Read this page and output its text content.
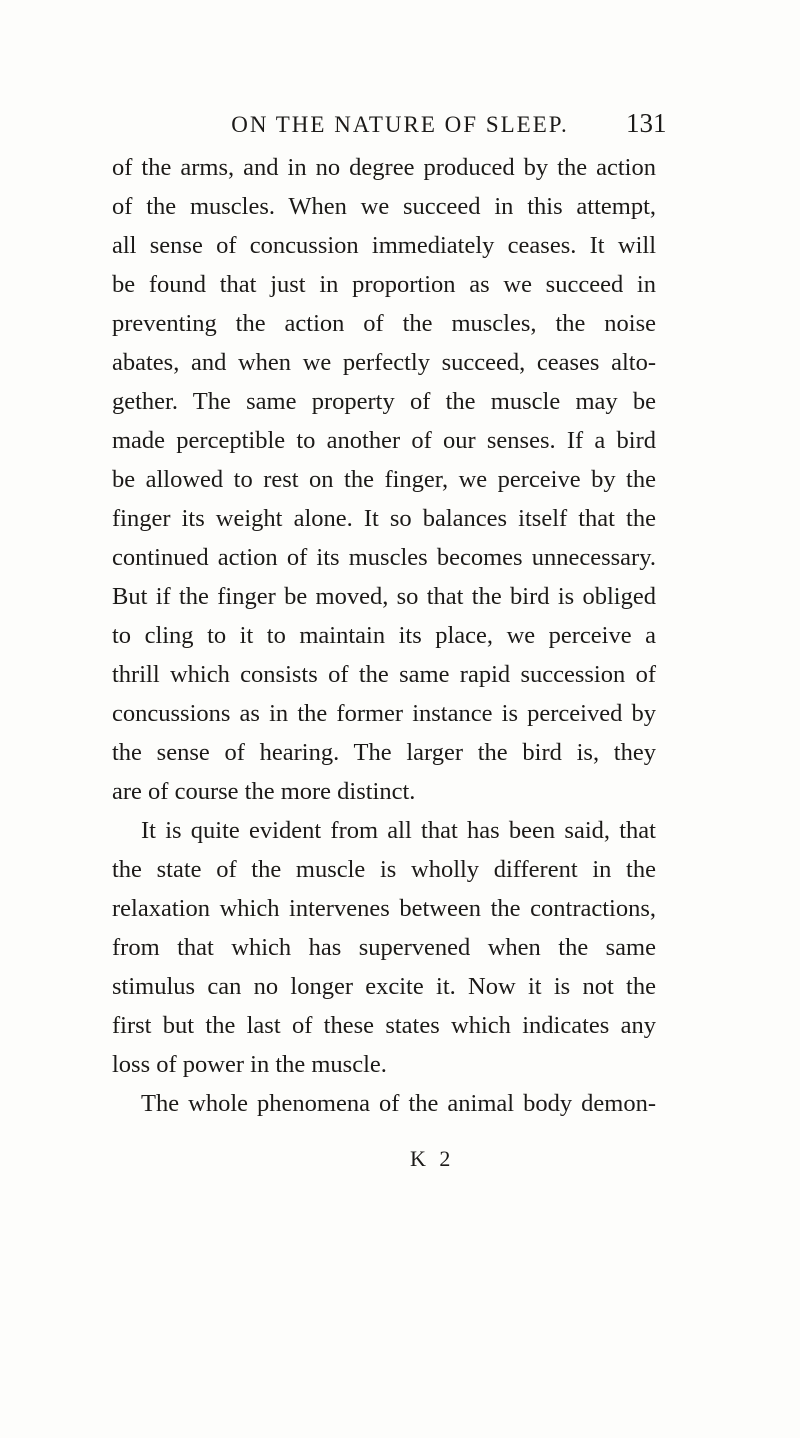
ON THE NATURE OF SLEEP.	131
of the arms, and in no degree produced by the action
of the muscles. When we succeed in this attempt,
all sense of concussion immediately ceases. It will
be found that just in proportion as we succeed in
preventing the action of the muscles, the noise
abates, and when we perfectly succeed, ceases alto-
gether. The same property of the muscle may be
made perceptible to another of our senses. If a bird
be allowed to rest on the finger, we perceive by the
finger its weight alone. It so balances itself that the
continued action of its muscles becomes unnecessary.
But if the finger be moved, so that the bird is obliged
to cling to it to maintain its place, we perceive a
thrill which consists of the same rapid succession of
concussions as in the former instance is perceived by
the sense of hearing. The larger the bird is, they
are of course the more distinct.
It is quite evident from all that has been said, that
the state of the muscle is wholly different in the
relaxation which intervenes between the contractions,
from that which has supervened when the same
stimulus can no longer excite it. Now it is not the
first but the last of these states which indicates any
loss of power in the muscle.
The whole phenomena of the animal body demon-
K 2
